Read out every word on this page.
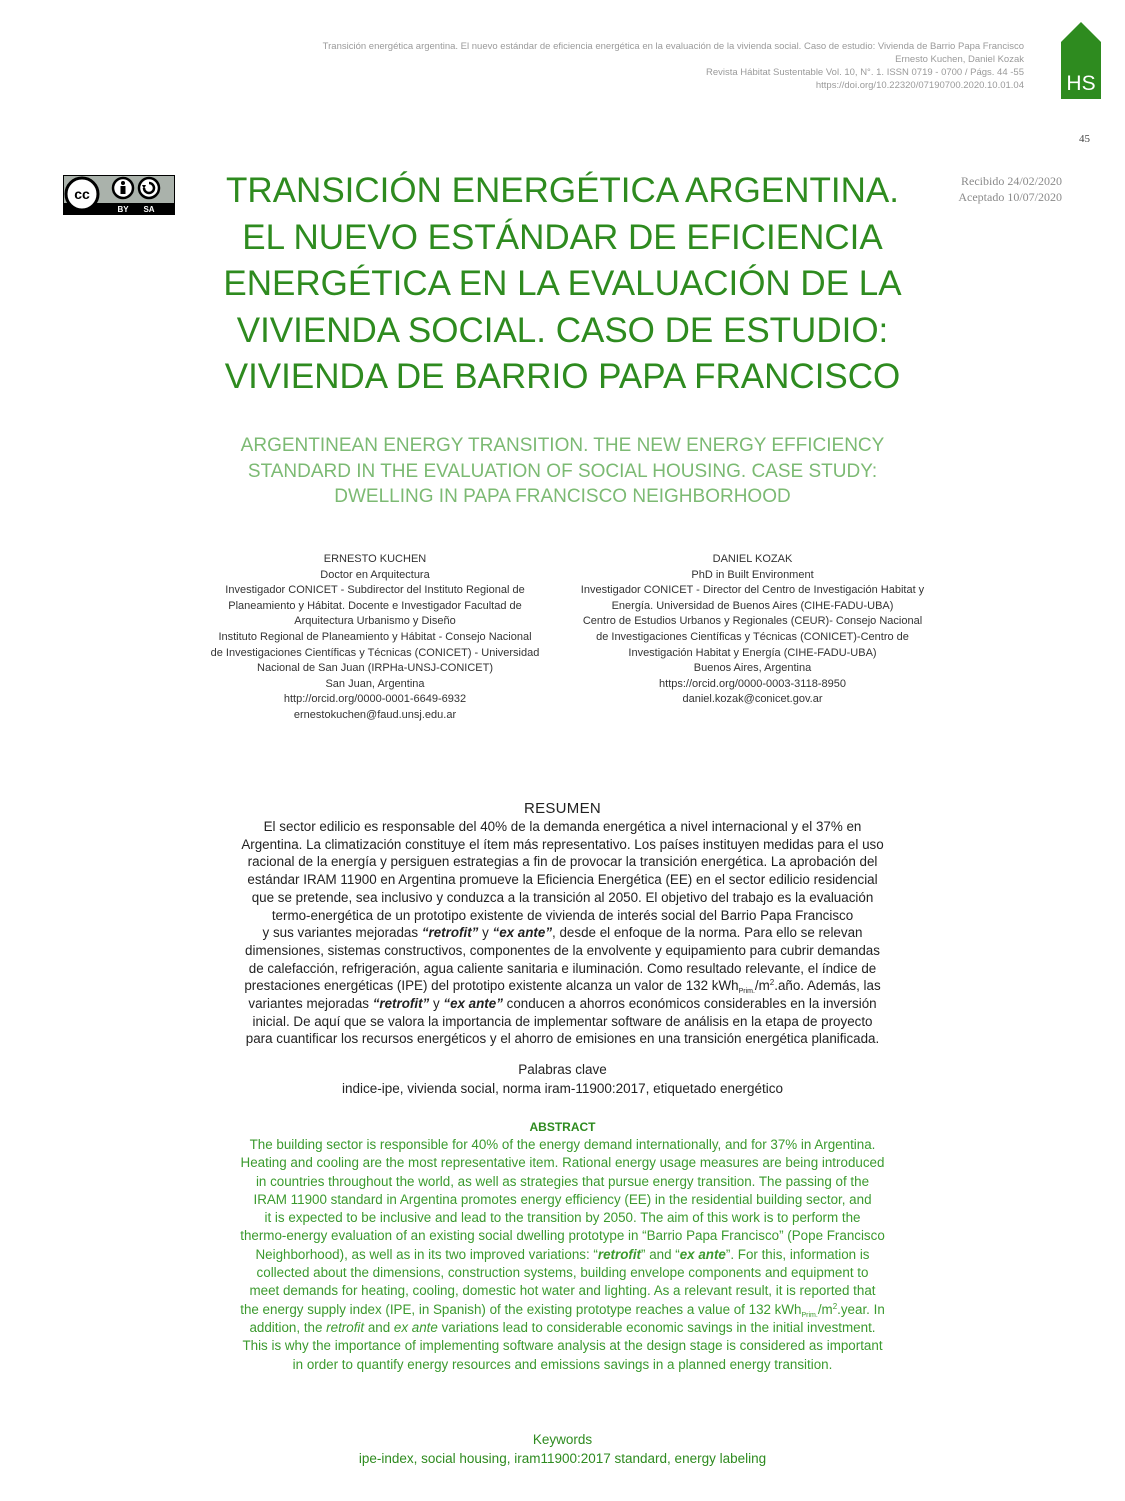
Transición energética argentina. El nuevo estándar de eficiencia energética en la evaluación de la vivienda social. Caso de estudio: Vivienda de Barrio Papa Francisco
Ernesto Kuchen, Daniel Kozak
Revista Hábitat Sustentable Vol. 10, N°. 1. ISSN 0719 - 0700 / Págs. 44 -55
https://doi.org/10.22320/07190700.2020.10.01.04 HS
45
cc
BY SA
Recibido 24/02/2020
Aceptado 10/07/2020
TRANSICIÓN ENERGÉTICA ARGENTINA.
EL NUEVO ESTÁNDAR DE EFICIENCIA
ENERGÉTICA EN LA EVALUACIÓN DE LA
VIVIENDA SOCIAL. CASO DE ESTUDIO:
VIVIENDA DE BARRIO PAPA FRANCISCO
ARGENTINEAN ENERGY TRANSITION. THE NEW ENERGY EFFICIENCY
STANDARD IN THE EVALUATION OF SOCIAL HOUSING. CASE STUDY:
DWELLING IN PAPA FRANCISCO NEIGHBORHOOD
ERNESTO KUCHEN
Doctor en Arquitectura
Investigador CONICET - Subdirector del Instituto Regional de
Planeamiento y Hábitat. Docente e Investigador Facultad de
Arquitectura Urbanismo y Diseño
Instituto Regional de Planeamiento y Hábitat - Consejo Nacional
de Investigaciones Científicas y Técnicas (CONICET) - Universidad
Nacional de San Juan (IRPHa-UNSJ-CONICET)
San Juan, Argentina
http://orcid.org/0000-0001-6649-6932
ernestokuchen@faud.unsj.edu.ar
DANIEL KOZAK
PhD in Built Environment
Investigador CONICET - Director del Centro de Investigación Habitat y
Energía. Universidad de Buenos Aires (CIHE-FADU-UBA)
Centro de Estudios Urbanos y Regionales (CEUR)- Consejo Nacional
de Investigaciones Científicas y Técnicas (CONICET)-Centro de
Investigación Habitat y Energía (CIHE-FADU-UBA)
Buenos Aires, Argentina
https://orcid.org/0000-0003-3118-8950
daniel.kozak@conicet.gov.ar
RESUMEN
El sector edilicio es responsable del 40% de la demanda energética a nivel internacional y el 37% en
Argentina. La climatización constituye el ítem más representativo. Los países instituyen medidas para el uso
racional de la energía y persiguen estrategias a fin de provocar la transición energética. La aprobación del
estándar IRAM 11900 en Argentina promueve la Eficiencia Energética (EE) en el sector edilicio residencial
que se pretende, sea inclusivo y conduzca a la transición al 2050. El objetivo del trabajo es la evaluación
termo-energética de un prototipo existente de vivienda de interés social del Barrio Papa Francisco
y sus variantes mejoradas “retrofit” y “ex ante”, desde el enfoque de la norma. Para ello se relevan
dimensiones, sistemas constructivos, componentes de la envolvente y equipamiento para cubrir demandas
de calefacción, refrigeración, agua caliente sanitaria e iluminación. Como resultado relevante, el índice de
prestaciones energéticas (IPE) del prototipo existente alcanza un valor de 132 $kWh_{Prim.}/m^2.año$. Además, las
variantes mejoradas “retrofit” y “ex ante” conducen a ahorros económicos considerables en la inversión
inicial. De aquí que se valora la importancia de implementar software de análisis en la etapa de proyecto
para cuantificar los recursos energéticos y el ahorro de emisiones en una transición energética planificada.
Palabras clave
indice-ipe, vivienda social, norma iram-11900:2017, etiquetado energético
ABSTRACT
The building sector is responsible for 40% of the energy demand internationally, and for 37% in Argentina.
Heating and cooling are the most representative item. Rational energy usage measures are being introduced
in countries throughout the world, as well as strategies that pursue energy transition. The passing of the
IRAM 11900 standard in Argentina promotes energy efficiency (EE) in the residential building sector, and
it is expected to be inclusive and lead to the transition by 2050. The aim of this work is to perform the
thermo-energy evaluation of an existing social dwelling prototype in “Barrio Papa Francisco” (Pope Francisco
Neighborhood), as well as in its two improved variations: “retrofit” and “ex ante”. For this, information is
collected about the dimensions, construction systems, building envelope components and equipment to
meet demands for heating, cooling, domestic hot water and lighting. As a relevant result, it is reported that
the energy supply index (IPE, in Spanish) of the existing prototype reaches a value of 132 $kWh_{Prim.}/m^2.year$. In
addition, the retrofit and ex ante variations lead to considerable economic savings in the initial investment.
This is why the importance of implementing software analysis at the design stage is considered as important
in order to quantify energy resources and emissions savings in a planned energy transition.
Keywords
ipe-index, social housing, iram11900:2017 standard, energy labeling
